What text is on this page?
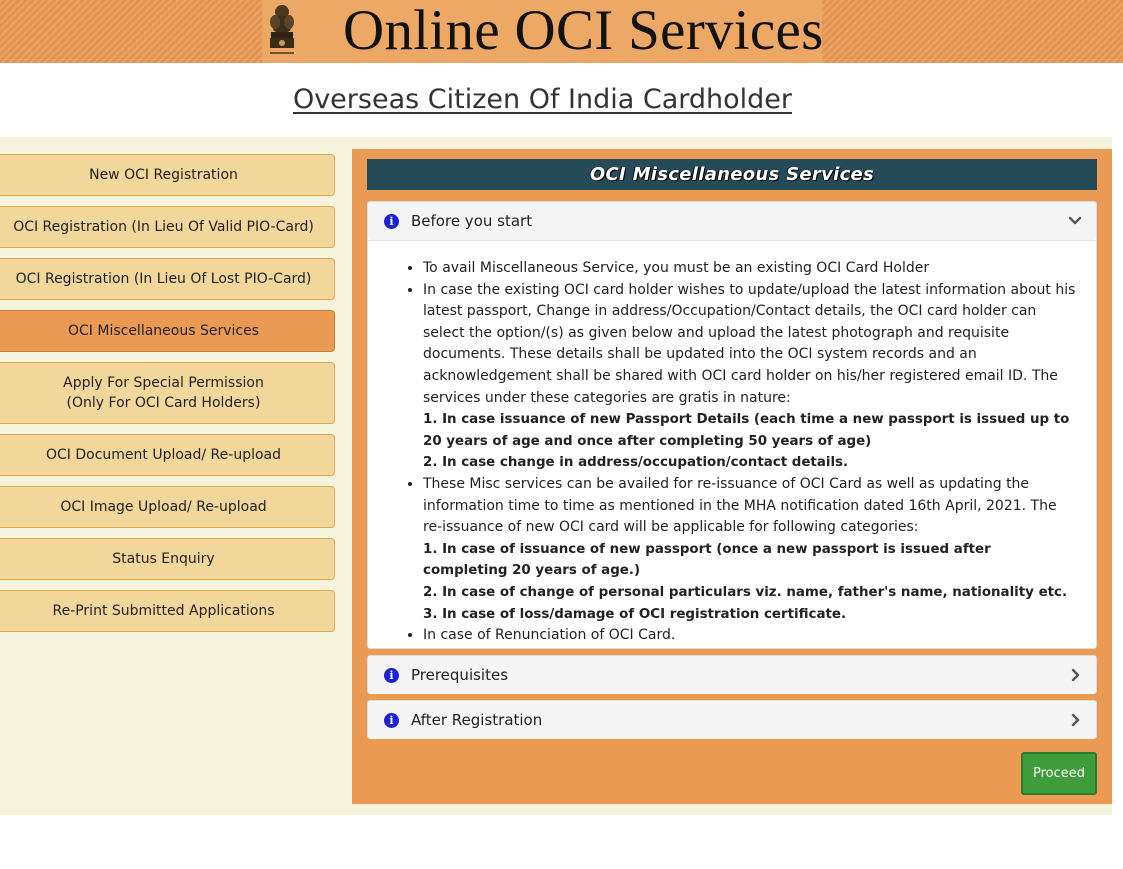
Online OCI Services
Overseas Citizen Of India Cardholder
New OCI Registration
OCI Registration (In Lieu Of Valid PIO-Card)
OCI Registration (In Lieu Of Lost PIO-Card)
OCI Miscellaneous Services
Apply For Special Permission
(Only For OCI Card Holders)
OCI Document Upload/ Re-upload
OCI Image Upload/ Re-upload
Status Enquiry
Re-Print Submitted Applications
OCI Miscellaneous Services
i	Before you start
• To avail Miscellaneous Service, you must be an existing OCI Card Holder
• In case the existing OCI card holder wishes to update/upload the latest information about his latest passport, Change in address/Occupation/Contact details, the OCI card holder can select the option/(s) as given below and upload the latest photograph and requisite documents. These details shall be updated into the OCI system records and an acknowledgement shall be shared with OCI card holder on his/her registered email ID. The services under these categories are gratis in nature:
1. In case issuance of new Passport Details (each time a new passport is issued up to 20 years of age and once after completing 50 years of age)
2. In case change in address/occupation/contact details.
• These Misc services can be availed for re-issuance of OCI Card as well as updating the information time to time as mentioned in the MHA notification dated 16th April, 2021. The re-issuance of new OCI card will be applicable for following categories:
1. In case of issuance of new passport (once a new passport is issued after completing 20 years of age.)
2. In case of change of personal particulars viz. name, father's name, nationality etc.
3. In case of loss/damage of OCI registration certificate.
• In case of Renunciation of OCI Card.
i	Prerequisites
i	After Registration
Proceed
